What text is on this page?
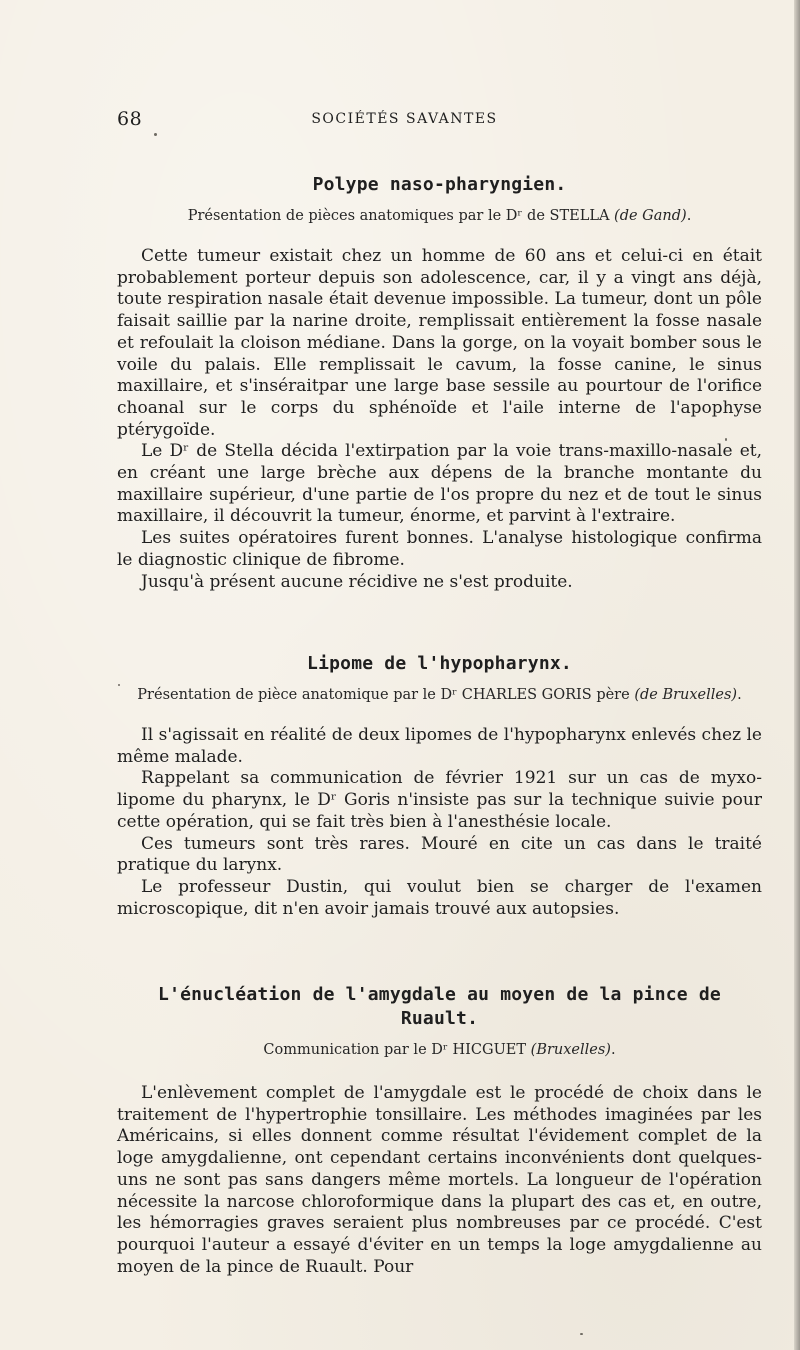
68	SOCIÉTÉS SAVANTES
Polype naso-pharyngien.
Présentation de pièces anatomiques par le Dʳ de STELLA (de Gand).

Cette tumeur existait chez un homme de 60 ans et celui-ci en était probablement porteur depuis son adolescence, car, il y a vingt ans déjà, toute respiration nasale était devenue impossible. La tumeur, dont un pôle faisait saillie par la narine droite, remplissait entièrement la fosse nasale et refoulait la cloison médiane. Dans la gorge, on la voyait bomber sous le voile du palais. Elle remplissait le cavum, la fosse canine, le sinus maxillaire, et s'inséraitpar une large base sessile au pourtour de l'orifice choanal sur le corps du sphénoïde et l'aile interne de l'apophyse ptérygoïde.

Le Dʳ de Stella décida l'extirpation par la voie trans-maxillo-nasale et, en créant une large brèche aux dépens de la branche montante du maxillaire supérieur, d'une partie de l'os propre du nez et de tout le sinus maxillaire, il découvrit la tumeur, énorme, et parvint à l'extraire.

Les suites opératoires furent bonnes. L'analyse histologique confirma le diagnostic clinique de fibrome.

Jusqu'à présent aucune récidive ne s'est produite.

Lipome de l'hypopharynx.
Présentation de pièce anatomique par le Dʳ CHARLES GORIS père (de Bruxelles).

Il s'agissait en réalité de deux lipomes de l'hypopharynx enlevés chez le même malade.

Rappelant sa communication de février 1921 sur un cas de myxo-lipome du pharynx, le Dʳ Goris n'insiste pas sur la technique suivie pour cette opération, qui se fait très bien à l'anesthésie locale.

Ces tumeurs sont très rares. Mouré en cite un cas dans le traité pratique du larynx.

Le professeur Dustin, qui voulut bien se charger de l'examen microscopique, dit n'en avoir jamais trouvé aux autopsies.

L'énucléation de l'amygdale au moyen de la pince de Ruault.
Communication par le Dʳ HICGUET (Bruxelles).

L'enlèvement complet de l'amygdale est le procédé de choix dans le traitement de l'hypertrophie tonsillaire. Les méthodes imaginées par les Américains, si elles donnent comme résultat l'évidement complet de la loge amygdalienne, ont cependant certains inconvénients dont quelques-uns ne sont pas sans dangers même mortels. La longueur de l'opération nécessite la narcose chloroformique dans la plupart des cas et, en outre, les hémorragies graves seraient plus nombreuses par ce procédé. C'est pourquoi l'auteur a essayé d'éviter en un temps la loge amygdalienne au moyen de la pince de Ruault. Pour
